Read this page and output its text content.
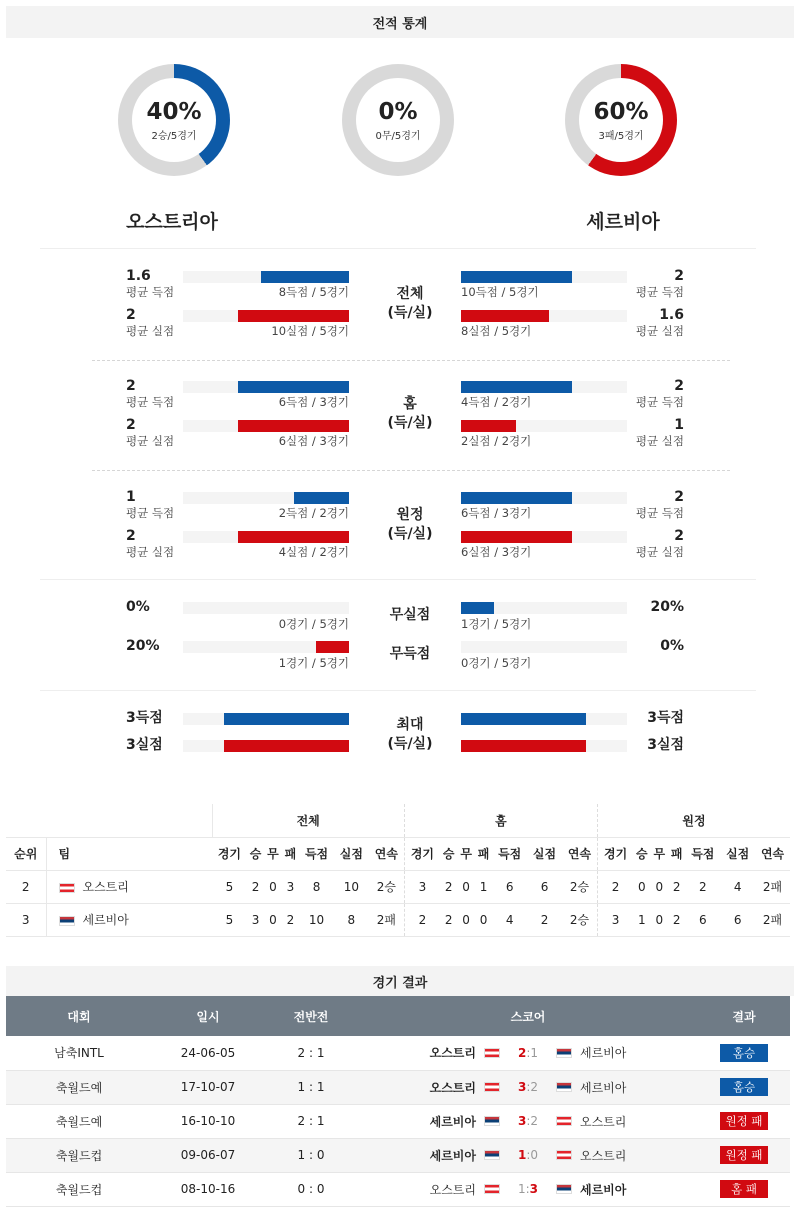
전적 통계
40%
2승/5경기
0%
0무/5경기
60%
3패/5경기
오스트리아	세르비아
전체
(득/실)
1.6
평균 득점	8득점 / 5경기
2
평균 득점
10득점 / 5경기
2
평균 실점	10실점 / 5경기
1.6
평균 실점
8실점 / 5경기
홈
(득/실)
2
평균 득점	6득점 / 3경기
2
평균 득점
4득점 / 2경기
2
평균 실점	6실점 / 3경기
1
평균 실점
2실점 / 2경기
원정
(득/실)
1
평균 득점	2득점 / 2경기
2
평균 득점
6득점 / 3경기
2
평균 실점	4실점 / 2경기
2
평균 실점
6실점 / 3경기
0%
0경기 / 5경기
20%
1경기 / 5경기
20%
1경기 / 5경기
0%
0경기 / 5경기
무실점
무득점
3득점	3득점
3실점	3실점
최대
(득/실)
		전체							홈							원정						
순위	팀	경기	승	무	패	득점	실점	연속	경기	승	무	패	득점	실점	연속	경기	승	무	패	득점	실점	연속
2	오스트리	5	2	0	3	8	10	2승	3	2	0	1	6	6	2승	2	0	0	2	2	4	2패
3	세르비아	5	3	0	2	10	8	2패	2	2	0	0	4	2	2승	3	1	0	2	6	6	2패
경기 결과
대회	일시	전반전	스코어	결과
남축INTL	24-06-05	2 : 1	오스트리 2:1 세르비아	홈승
축월드예	17-10-07	1 : 1	오스트리 3:2 세르비아	홈승
축월드예	16-10-10	2 : 1	세르비아 3:2 오스트리	원정 패
축월드컵	09-06-07	1 : 0	세르비아 1:0 오스트리	원정 패
축월드컵	08-10-16	0 : 0	오스트리 1:3 세르비아	홈 패
